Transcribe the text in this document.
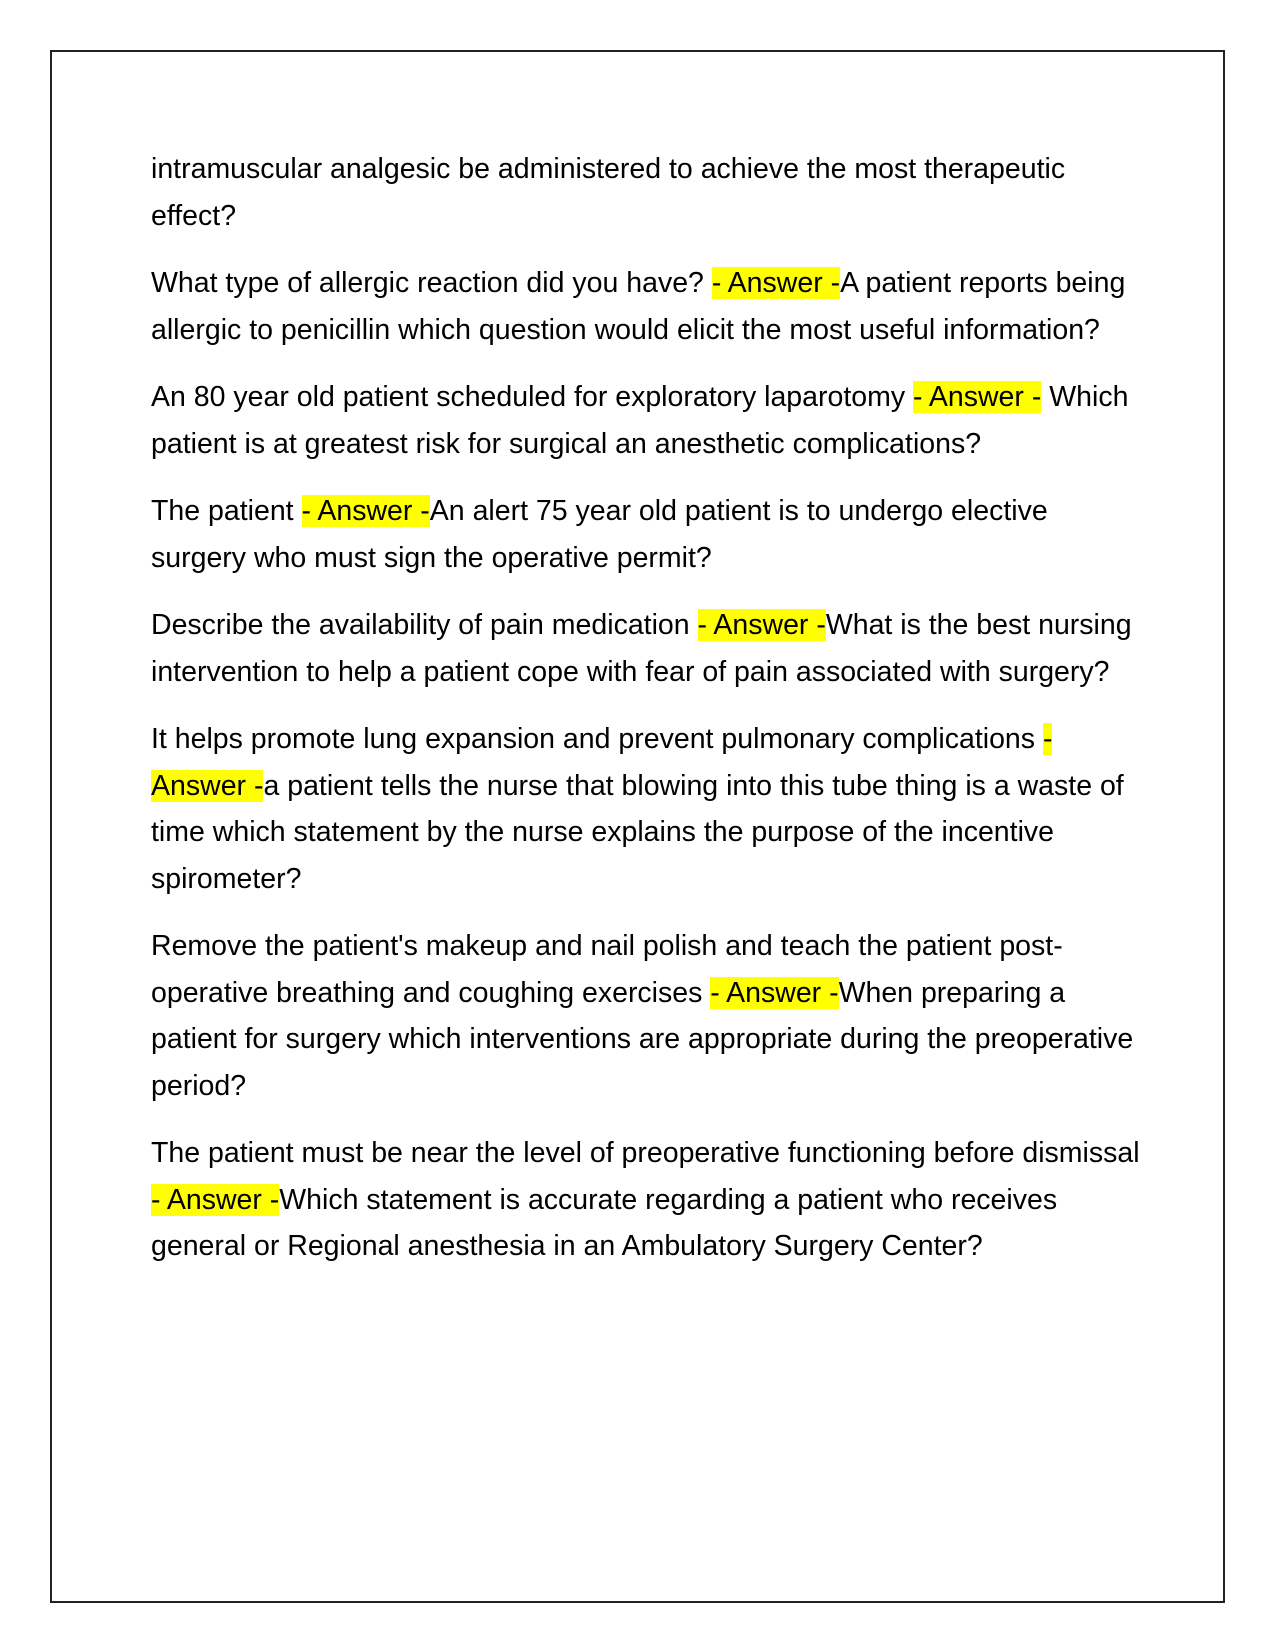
intramuscular analgesic be administered to achieve the most therapeutic effect?

What type of allergic reaction did you have? - Answer -A patient reports being allergic to penicillin which question would elicit the most useful information?

An 80 year old patient scheduled for exploratory laparotomy - Answer - Which patient is at greatest risk for surgical an anesthetic complications?

The patient - Answer -An alert 75 year old patient is to undergo elective surgery who must sign the operative permit?

Describe the availability of pain medication - Answer -What is the best nursing intervention to help a patient cope with fear of pain associated with surgery?

It helps promote lung expansion and prevent pulmonary complications - Answer -a patient tells the nurse that blowing into this tube thing is a waste of time which statement by the nurse explains the purpose of the incentive spirometer?

Remove the patient's makeup and nail polish and teach the patient post-operative breathing and coughing exercises - Answer -When preparing a patient for surgery which interventions are appropriate during the preoperative period?

The patient must be near the level of preoperative functioning before dismissal - Answer -Which statement is accurate regarding a patient who receives general or Regional anesthesia in an Ambulatory Surgery Center?
